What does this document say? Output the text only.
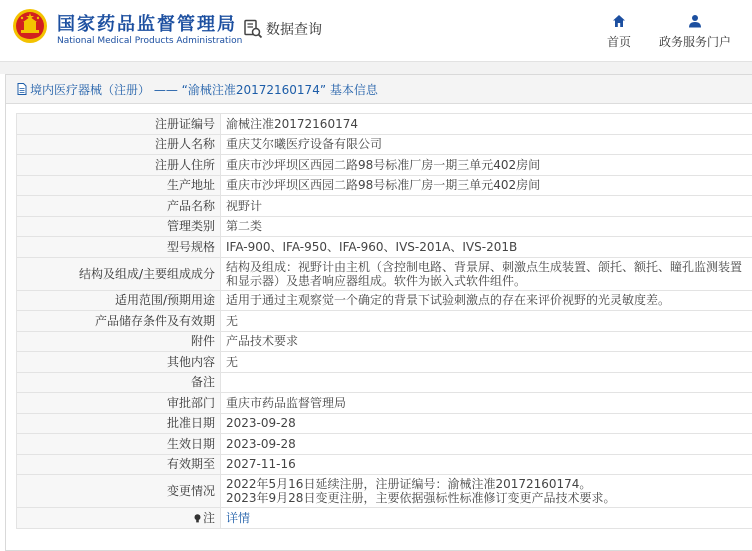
国家药品监督管理局
National Medical Products Administration
数据查询
首页 政务服务门户
境内医疗器械（注册） —— “渝械注准20172160174” 基本信息
注册证编号	渝械注准20172160174
注册人名称	重庆艾尔曦医疗设备有限公司
注册人住所	重庆市沙坪坝区西园二路98号标准厂房一期三单元402房间
生产地址	重庆市沙坪坝区西园二路98号标准厂房一期三单元402房间
产品名称	视野计
管理类别	第二类
型号规格	IFA-900、IFA-950、IFA-960、IVS-201A、IVS-201B
结构及组成/主要组成成分	结构及组成：视野计由主机（含控制电路、背景屏、刺激点生成装置、颌托、额托、瞳孔监测装置和显示器）及患者响应器组成。软件为嵌入式软件组件。
适用范围/预期用途	适用于通过主观察觉一个确定的背景下试验刺激点的存在来评价视野的光灵敏度差。
产品储存条件及有效期	无
附件	产品技术要求
其他内容	无
备注	
审批部门	重庆市药品监督管理局
批准日期	2023-09-28
生效日期	2023-09-28
有效期至	2027-11-16
变更情况	2022年5月16日延续注册，注册证编号：渝械注准20172160174。
2023年9月28日变更注册，主要依据强标性标准修订变更产品技术要求。
注	详情
